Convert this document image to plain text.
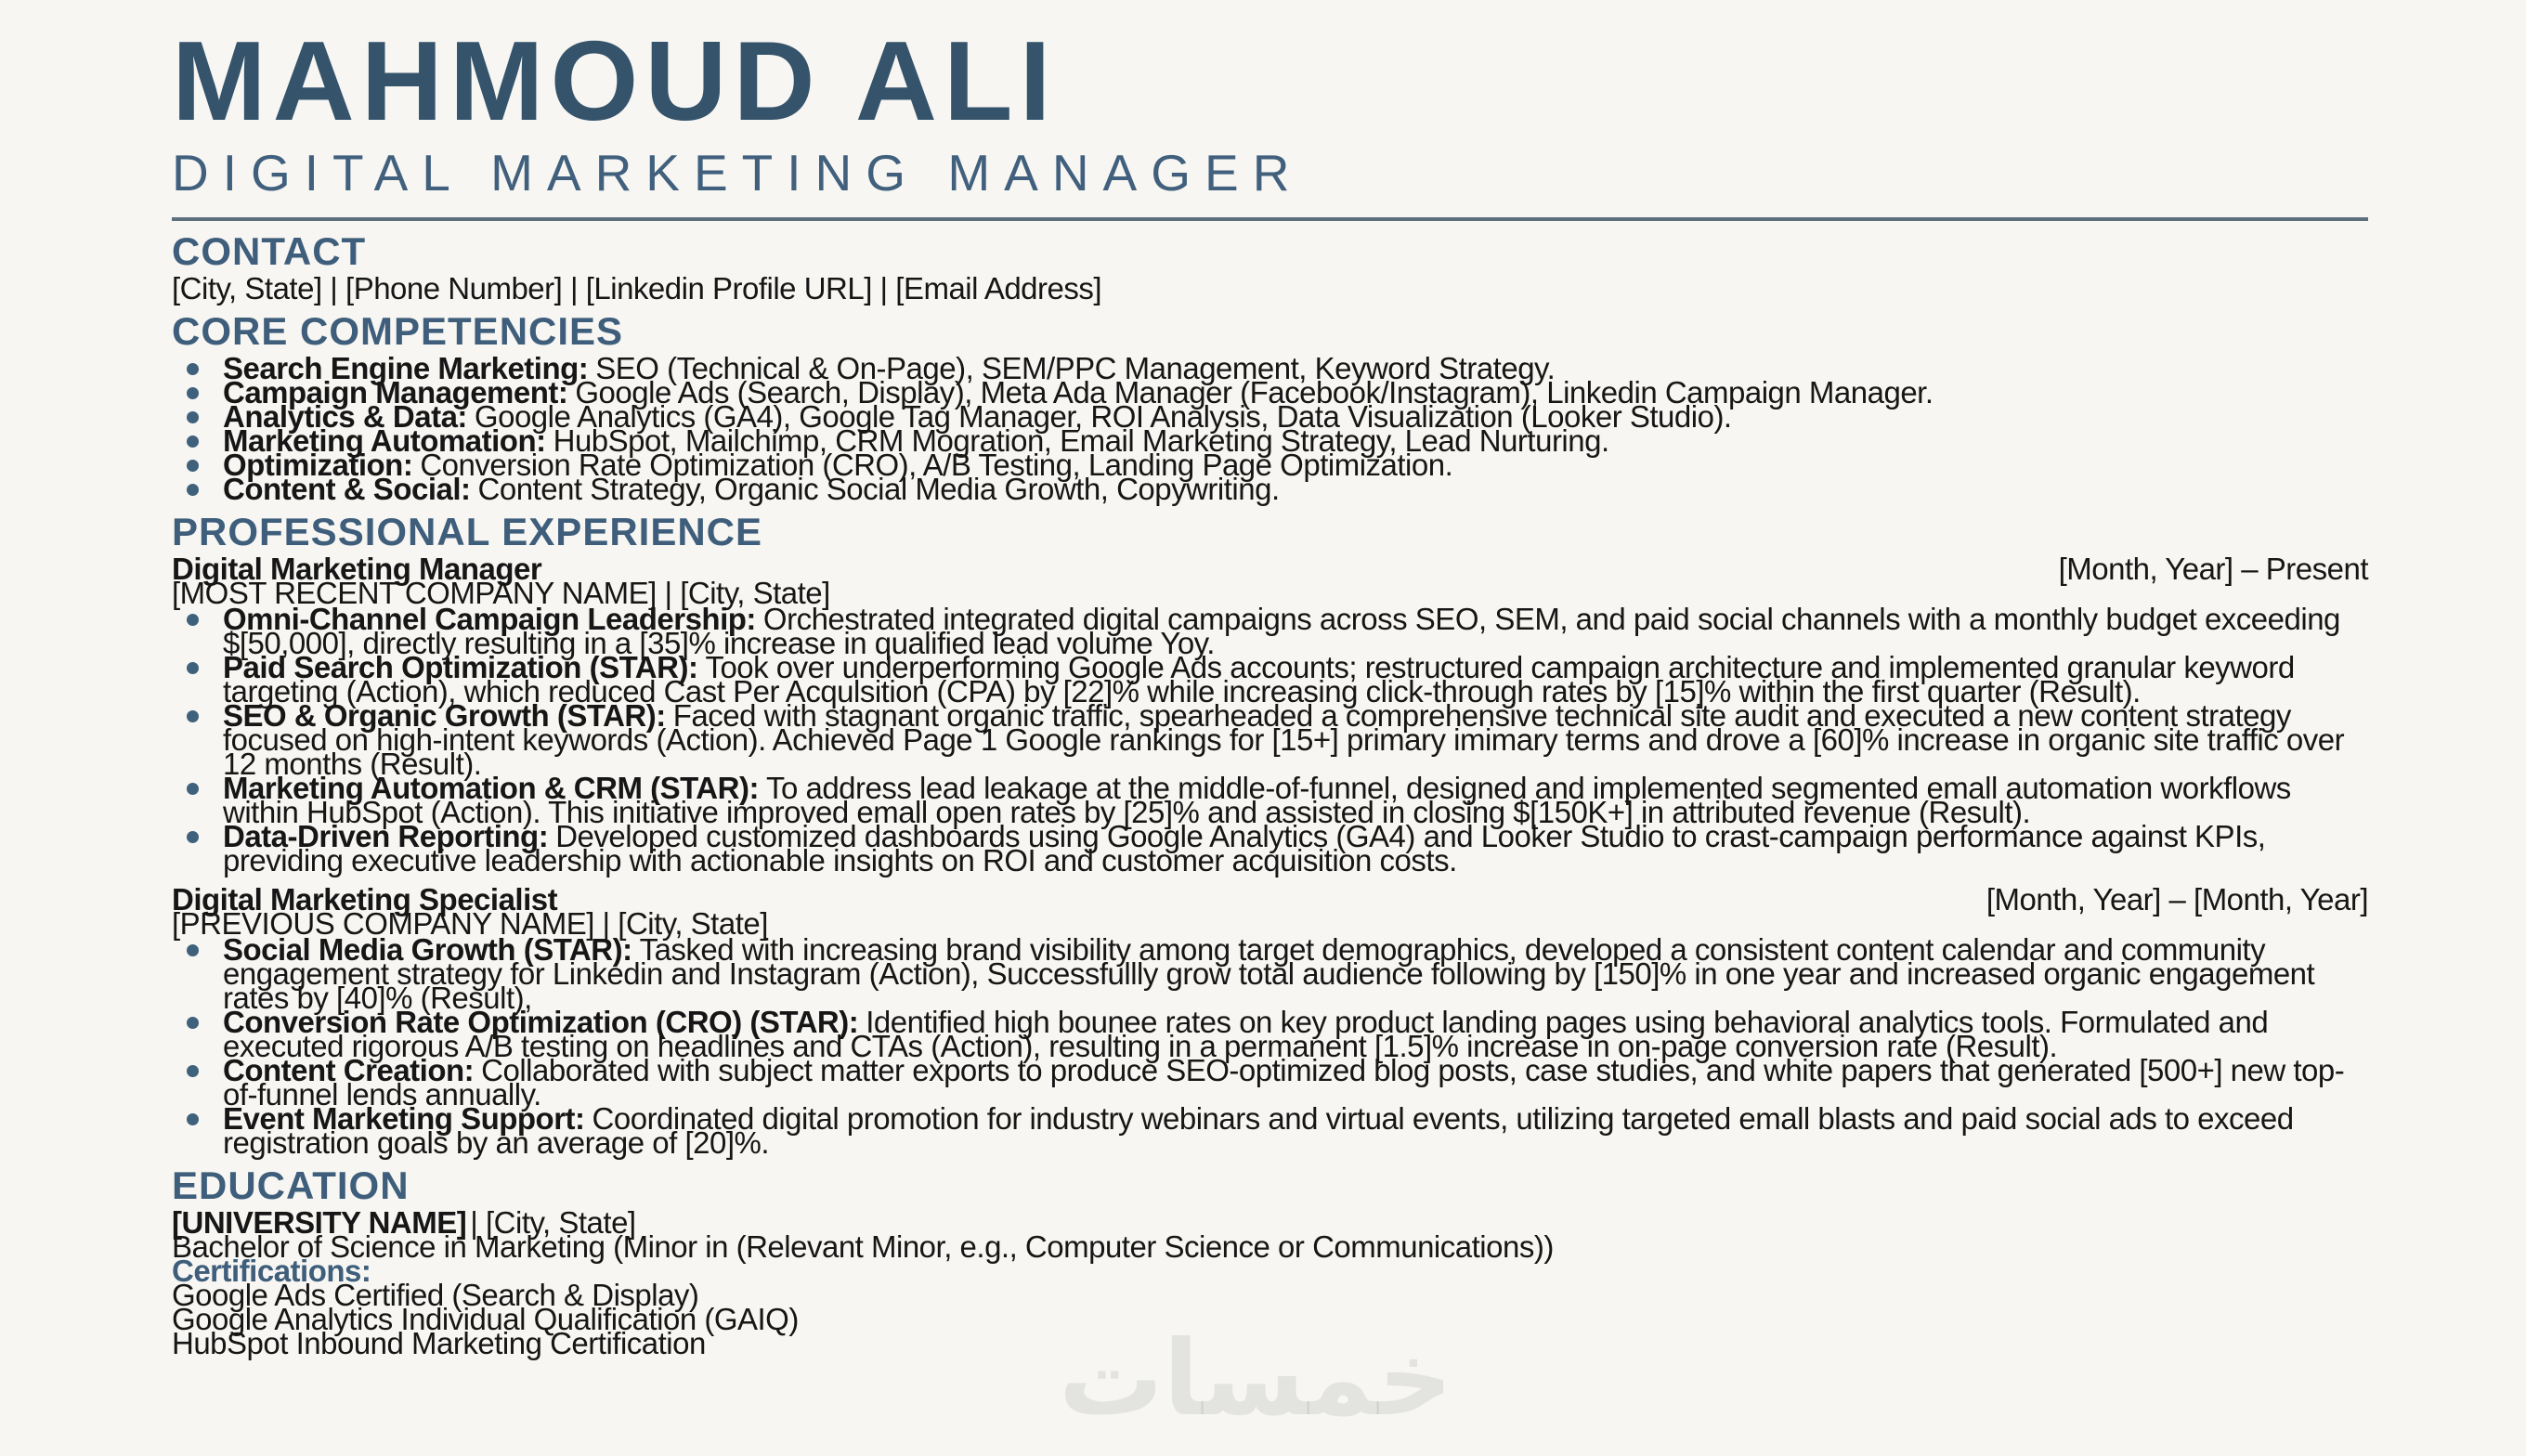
MAHMOUD ALI
DIGITAL MARKETING MANAGER
CONTACT
[City, State] | [Phone Number] | [Linkedin Profile URL] | [Email Address]
CORE COMPETENCIES
Search Engine Marketing: SEO (Technical & On-Page), SEM/PPC Management, Keyword Strategy.
Campaign Management: Google Ads (Search, Display), Meta Ada Manager (Facebook/Instagram), Linkedin Campaign Manager.
Analytics & Data: Google Analytics (GA4), Google Tag Manager, ROI Analysis, Data Visualization (Looker Studio).
Marketing Automation: HubSpot, Mailchimp, CRM Mogration, Email Marketing Strategy, Lead Nurturing.
Optimization: Conversion Rate Optimization (CRO), A/B Testing, Landing Page Optimization.
Content & Social: Content Strategy, Organic Social Media Growth, Copywriting.
PROFESSIONAL EXPERIENCE
Digital Marketing Manager	[Month, Year] – Present
[MOST RECENT COMPANY NAME] | [City, State]
Omni-Channel Campaign Leadership: Orchestrated integrated digital campaigns across SEO, SEM, and paid social channels with a monthly budget exceeding $[50,000], directly resulting in a [35]% increase in qualified lead volume Yoy.
Paid Search Optimization (STAR): Took over underperforming Google Ads accounts; restructured campaign architecture and implemented granular keyword targeting (Action), which reduced Cast Per Acqulsition (CPA) by [22]% while increasing click-through rates by [15]% within the first quarter (Result).
SEO & Organic Growth (STAR): Faced with stagnant organic traffic, spearheaded a comprehensive technical site audit and executed a new content strategy focused on high-intent keywords (Action). Achieved Page 1 Google rankings for [15+] primary imimary terms and drove a [60]% increase in organic site traffic over 12 months (Result).
Marketing Automation & CRM (STAR): To address lead leakage at the middle-of-funnel, designed and implemented segmented emall automation workflows within HubSpot (Action). This initiative improved emall open rates by [25]% and assisted in closing $[150K+] in attributed revenue (Result).
Data-Driven Reporting: Developed customized dashboards using Google Analytics (GA4) and Looker Studio to crast-campaign performance against KPIs, previding executive leadership with actionable insights on ROI and customer acquisition costs.
Digital Marketing Specialist	[Month, Year] – [Month, Year]
[PREVIOUS COMPANY NAME] | [City, State]
Social Media Growth (STAR): Tasked with increasing brand visibility among target demographics, developed a consistent content calendar and community engagement strategy for Linkedin and Instagram (Action), Successfullly grow total audience following by [150]% in one year and increased organic engagement rates by [40]% (Result),
Conversion Rate Optimization (CRO) (STAR): Identified high bounee rates on key product landing pages using behavioral analytics tools. Formulated and executed rigorous A/B testing on headlines and CTAs (Action), resulting in a permanent [1.5]% increase in on-page conversion rate (Result).
Content Creation: Collaborated with subject matter exports to produce SEO-optimized blog posts, case studies, and white papers that generated [500+] new top-of-funnel lends annually.
Event Marketing Support: Coordinated digital promotion for industry webinars and virtual events, utilizing targeted emall blasts and paid social ads to exceed registration goals by an average of [20]%.
EDUCATION
[UNIVERSITY NAME] | [City, State]
Bachelor of Science in Marketing (Minor in (Relevant Minor, e.g., Computer Science or Communications))
Certifications:
Google Ads Certified (Search & Display)
Google Analytics Individual Qualification (GAIQ)
HubSpot Inbound Marketing Certification	خمسات
